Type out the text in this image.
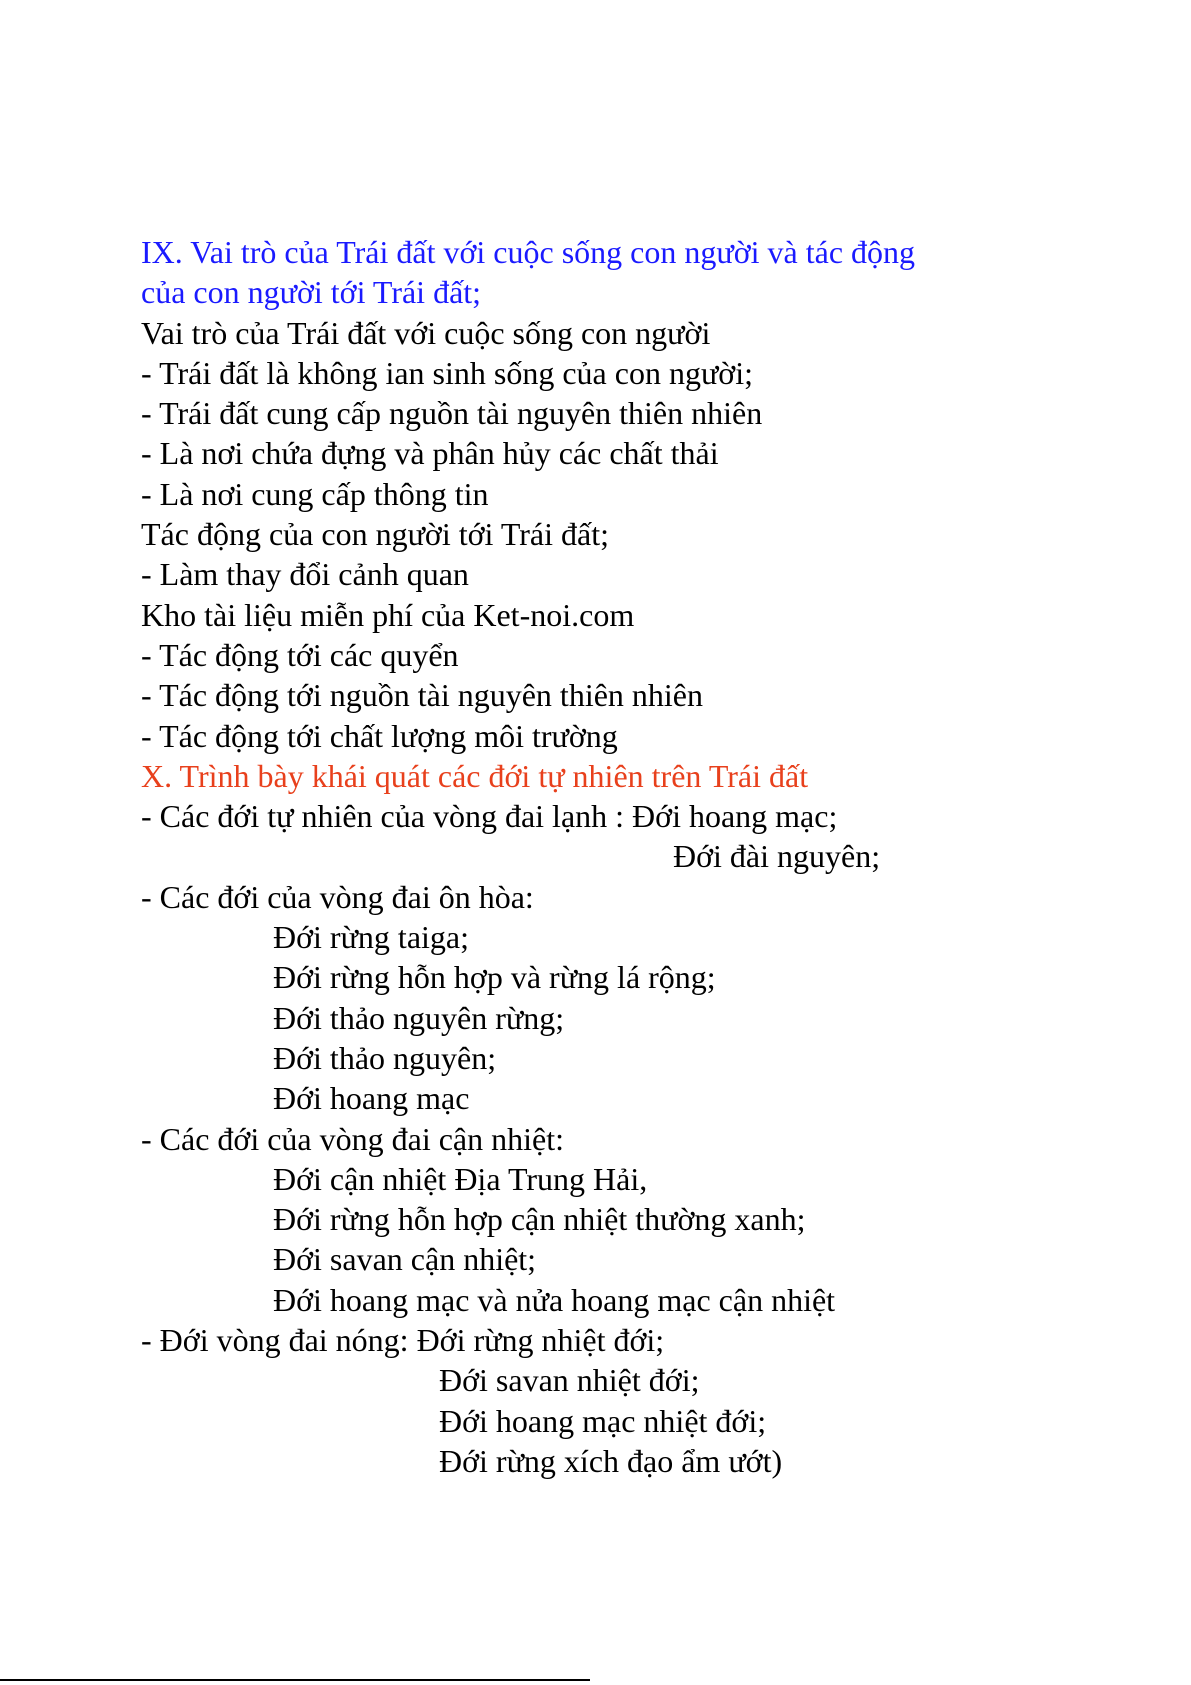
IX. Vai trò của Trái đất với cuộc sống con người và tác động
của con người tới Trái đất;
Vai trò của Trái đất với cuộc sống con người
- Trái đất là không ian sinh sống của con người;
- Trái đất cung cấp nguồn tài nguyên thiên nhiên
- Là nơi chứa đựng và phân hủy các chất thải
- Là nơi cung cấp thông tin
Tác động của con người tới Trái đất;
- Làm thay đổi cảnh quan
Kho tài liệu miễn phí của Ket-noi.com
- Tác động tới các quyển
- Tác động tới nguồn tài nguyên thiên nhiên
- Tác động tới chất lượng môi trường
X. Trình bày khái quát các đới tự nhiên trên Trái đất
- Các đới tự nhiên của vòng đai lạnh : Đới hoang mạc;
Đới đài nguyên;
- Các đới của vòng đai ôn hòa:
Đới rừng taiga;
Đới rừng hỗn hợp và rừng lá rộng;
Đới thảo nguyên rừng;
Đới thảo nguyên;
Đới hoang mạc
- Các đới của vòng đai cận nhiệt:
Đới cận nhiệt Địa Trung Hải,
Đới rừng hỗn hợp cận nhiệt thường xanh;
Đới savan cận nhiệt;
Đới hoang mạc và nửa hoang mạc cận nhiệt
- Đới vòng đai nóng: Đới rừng nhiệt đới;
Đới savan nhiệt đới;
Đới hoang mạc nhiệt đới;
Đới rừng xích đạo ẩm ướt)
